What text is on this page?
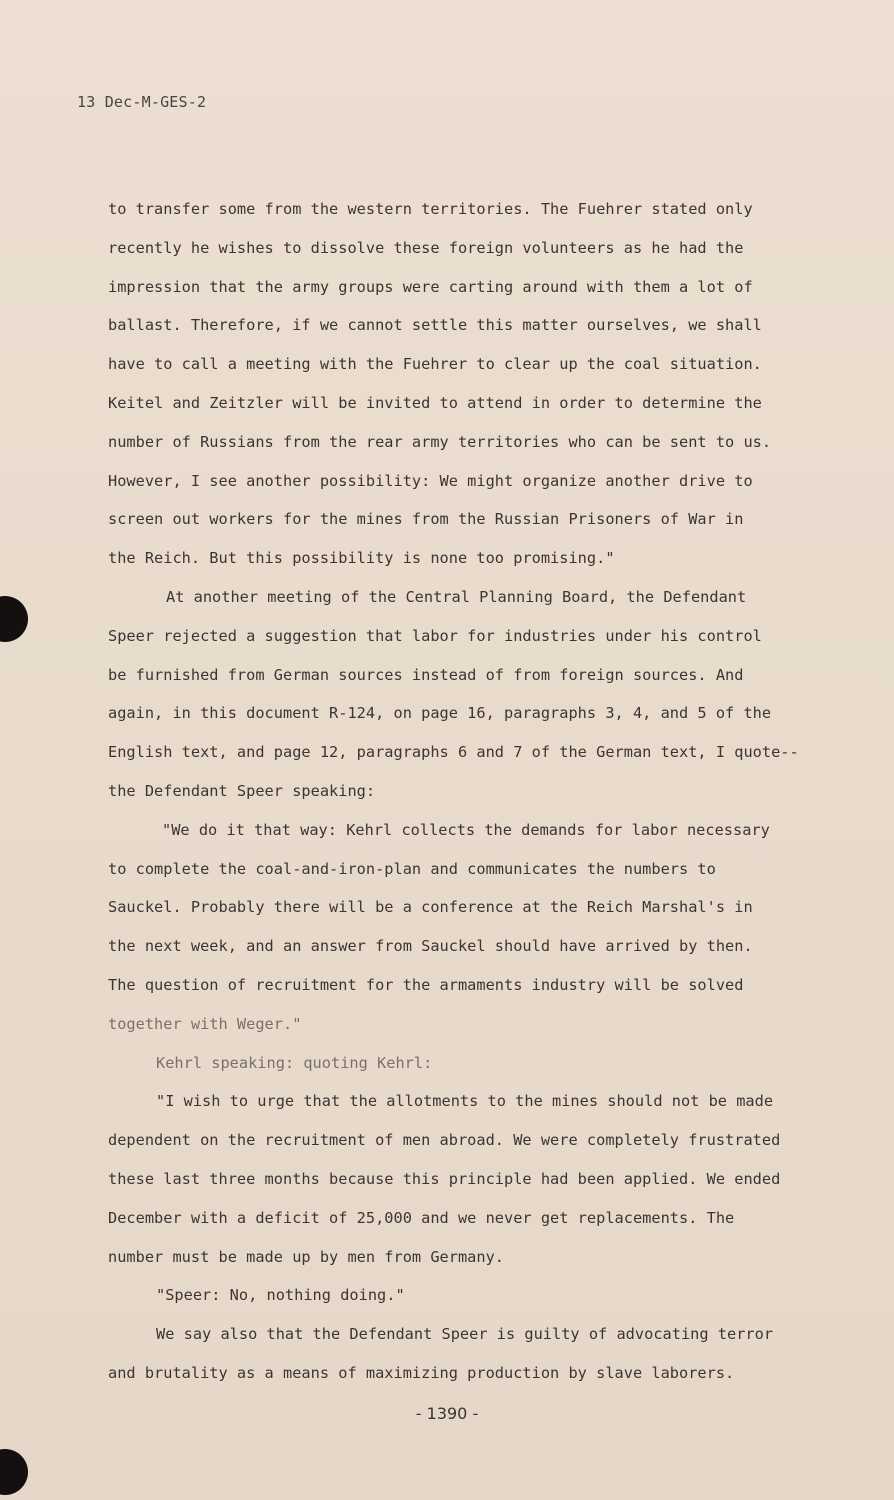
13 Dec-M-GES-2
to transfer some from the western territories. The Fuehrer stated only
recently he wishes to dissolve these foreign volunteers as he had the
impression that the army groups were carting around with them a lot of
ballast. Therefore, if we cannot settle this matter ourselves, we shall
have to call a meeting with the Fuehrer to clear up the coal situation.
Keitel and Zeitzler will be invited to attend in order to determine the
number of Russians from the rear army territories who can be sent to us.
However, I see another possibility: We might organize another drive to
screen out workers for the mines from the Russian Prisoners of War in
the Reich. But this possibility is none too promising."
At another meeting of the Central Planning Board, the Defendant
Speer rejected a suggestion that labor for industries under his control
be furnished from German sources instead of from foreign sources. And
again, in this document R-124, on page 16, paragraphs 3, 4, and 5 of the
English text, and page 12, paragraphs 6 and 7 of the German text, I quote--
the Defendant Speer speaking:
"We do it that way: Kehrl collects the demands for labor necessary
to complete the coal-and-iron-plan and communicates the numbers to
Sauckel. Probably there will be a conference at the Reich Marshal's in
the next week, and an answer from Sauckel should have arrived by then.
The question of recruitment for the armaments industry will be solved
together with Weger."
Kehrl speaking: quoting Kehrl:
"I wish to urge that the allotments to the mines should not be made
dependent on the recruitment of men abroad. We were completely frustrated
these last three months because this principle had been applied. We ended
December with a deficit of 25,000 and we never get replacements. The
number must be made up by men from Germany.
"Speer: No, nothing doing."
We say also that the Defendant Speer is guilty of advocating terror
and brutality as a means of maximizing production by slave laborers.
- 1390 -
